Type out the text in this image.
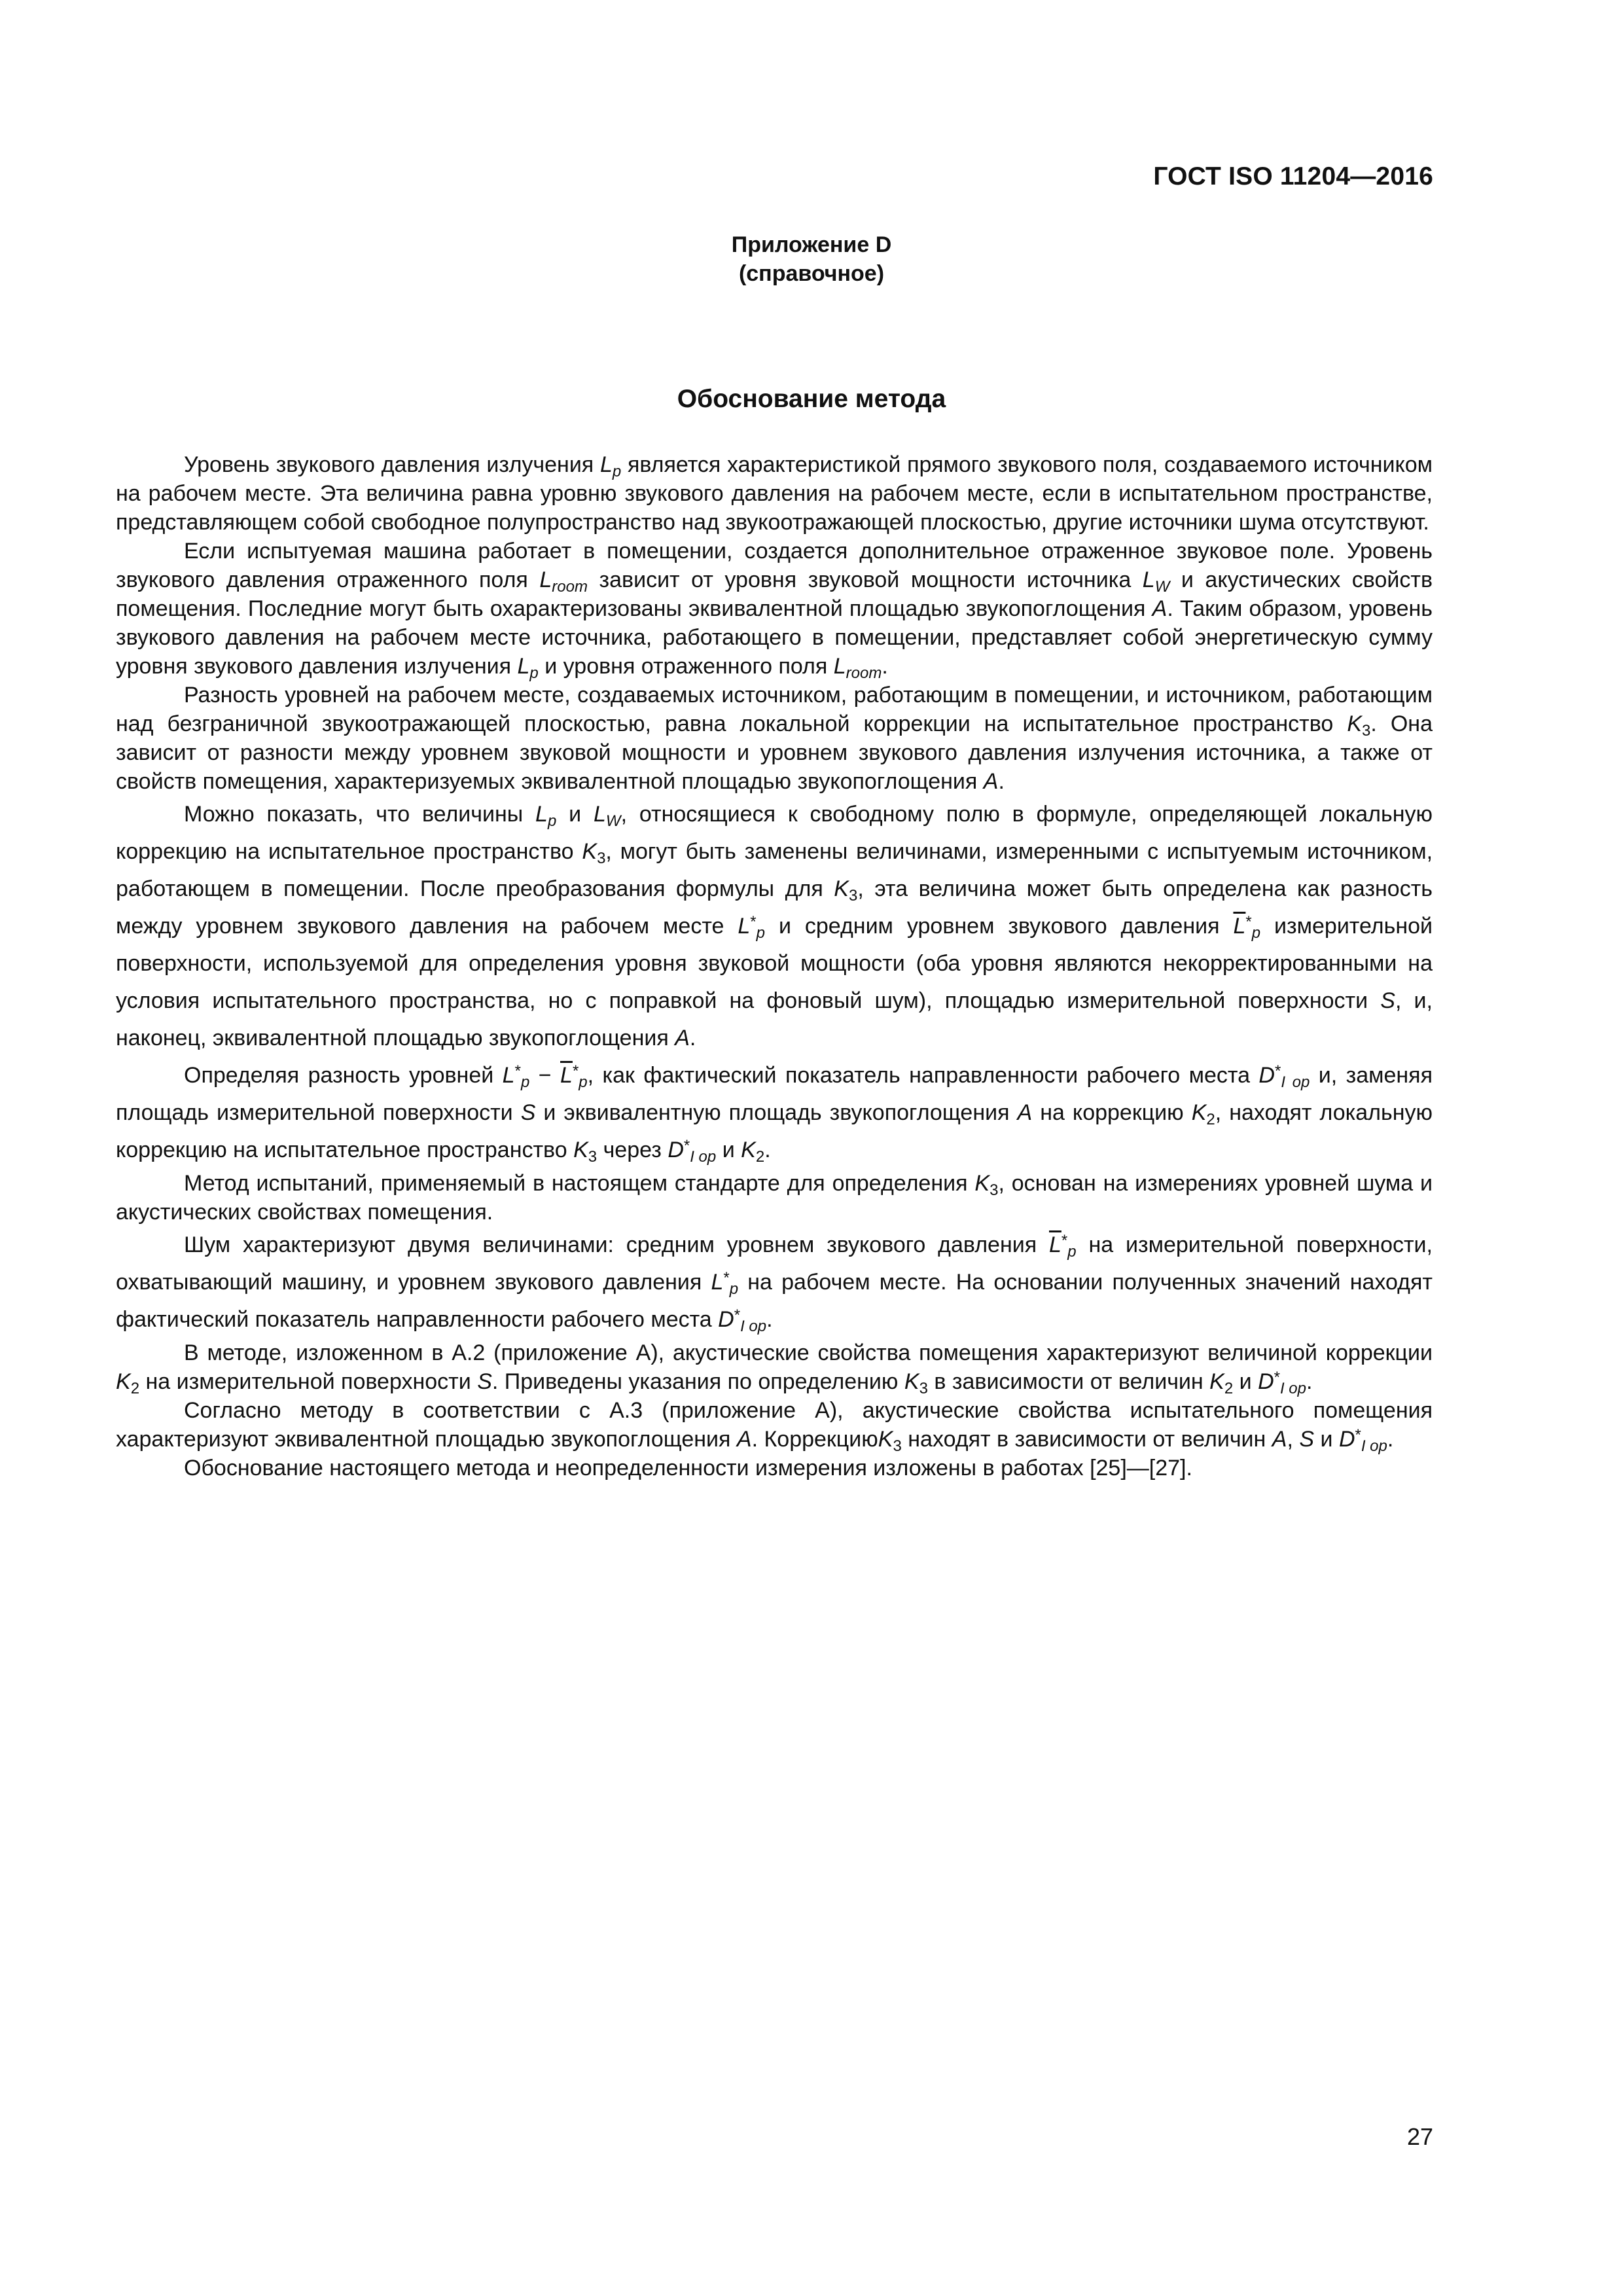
ГОСТ ISO 11204—2016
Приложение D
(справочное)
Обоснование метода

Уровень звукового давления излучения $L_p$ является характеристикой прямого звукового поля, создаваемого источником на рабочем месте. Эта величина равна уровню звукового давления на рабочем месте, если в испытательном пространстве, представляющем собой свободное полупространство над звукоотражающей плоскостью, другие источники шума отсутствуют.

Если испытуемая машина работает в помещении, создается дополнительное отраженное звуковое поле. Уровень звукового давления отраженного поля $L_{room}$ зависит от уровня звуковой мощности источника $L_W$ и акустических свойств помещения. Последние могут быть охарактеризованы эквивалентной площадью звукопоглощения A. Таким образом, уровень звукового давления на рабочем месте источника, работающего в помещении, представляет собой энергетическую сумму уровня звукового давления излучения $L_p$ и уровня отраженного поля $L_{room}$.

Разность уровней на рабочем месте, создаваемых источником, работающим в помещении, и источником, работающим над безграничной звукоотражающей плоскостью, равна локальной коррекции на испытательное пространство $K_3$. Она зависит от разности между уровнем звуковой мощности и уровнем звукового давления излучения источника, а также от свойств помещения, характеризуемых эквивалентной площадью звукопоглощения A.

Можно показать, что величины $L_p$ и $L_W$, относящиеся к свободному полю в формуле, определяющей локальную коррекцию на испытательное пространство $K_3$, могут быть заменены величинами, измеренными с испытуемым источником, работающем в помещении. После преобразования формулы для $K_3$, эта величина может быть определена как разность между уровнем звукового давления на рабочем месте $L^*_p$ и средним уровнем звукового давления $\overline{L}^*_p$ измерительной поверхности, используемой для определения уровня звуковой мощности (оба уровня являются некорректированными на условия испытательного пространства, но с поправкой на фоновый шум), площадью измерительной поверхности S, и, наконец, эквивалентной площадью звукопоглощения A.

Определяя разность уровней $L^*_p - \overline{L}^*_p$, как фактический показатель направленности рабочего места $D^*_{I op}$ и, заменяя площадь измерительной поверхности S и эквивалентную площадь звукопоглощения A на коррекцию $K_2$, находят локальную коррекцию на испытательное пространство $K_3$ через $D^*_{I op}$ и $K_2$.

Метод испытаний, применяемый в настоящем стандарте для определения $K_3$, основан на измерениях уровней шума и акустических свойствах помещения.

Шум характеризуют двумя величинами: средним уровнем звукового давления $\overline{L}^*_p$ на измерительной поверхности, охватывающий машину, и уровнем звукового давления $L^*_p$ на рабочем месте. На основании полученных значений находят фактический показатель направленности рабочего места $D^*_{I op}$.

В методе, изложенном в А.2 (приложение А), акустические свойства помещения характеризуют величиной коррекции $K_2$ на измерительной поверхности S. Приведены указания по определению $K_3$ в зависимости от величин $K_2$ и $D^*_{I op}$.

Согласно методу в соответствии с А.3 (приложение А), акустические свойства испытательного помещения характеризуют эквивалентной площадью звукопоглощения A. КоррекциюK$_3$ находят в зависимости от величин A, S и $D^*_{I op}$.

Обоснование настоящего метода и неопределенности измерения изложены в работах [25]—[27].

27
